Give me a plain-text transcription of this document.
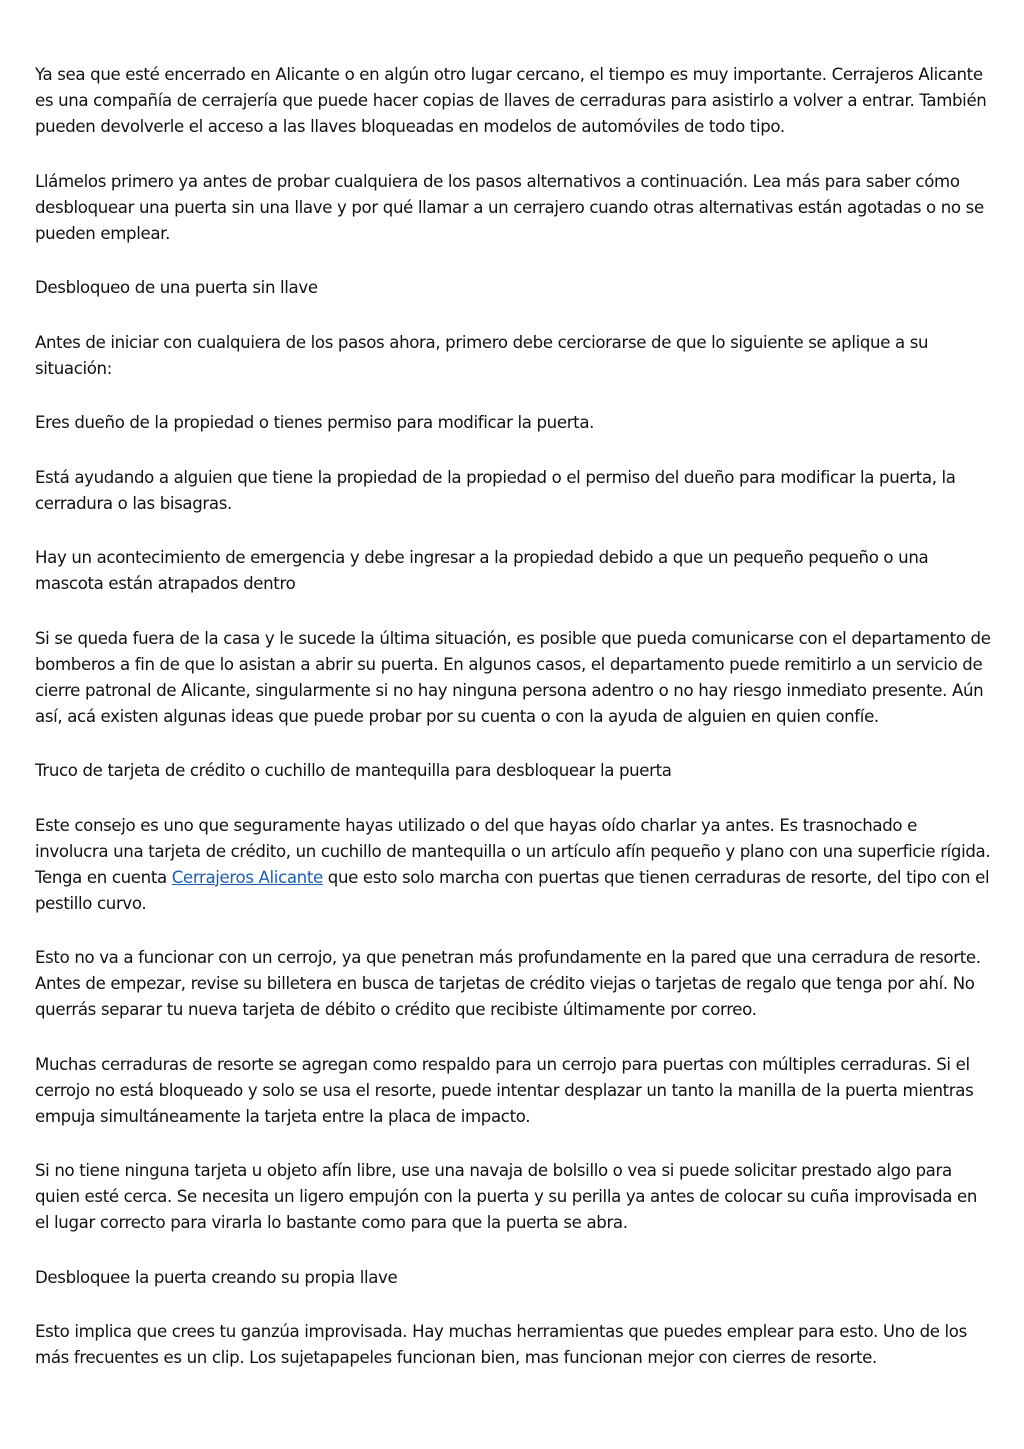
Ya sea que esté encerrado en Alicante o en algún otro lugar cercano, el tiempo es muy importante. Cerrajeros Alicante es una compañía de cerrajería que puede hacer copias de llaves de cerraduras para asistirlo a volver a entrar. También pueden devolverle el acceso a las llaves bloqueadas en modelos de automóviles de todo tipo.

Llámelos primero ya antes de probar cualquiera de los pasos alternativos a continuación. Lea más para saber cómo desbloquear una puerta sin una llave y por qué llamar a un cerrajero cuando otras alternativas están agotadas o no se pueden emplear.

Desbloqueo de una puerta sin llave

Antes de iniciar con cualquiera de los pasos ahora, primero debe cerciorarse de que lo siguiente se aplique a su situación:

Eres dueño de la propiedad o tienes permiso para modificar la puerta.

Está ayudando a alguien que tiene la propiedad de la propiedad o el permiso del dueño para modificar la puerta, la cerradura o las bisagras.

Hay un acontecimiento de emergencia y debe ingresar a la propiedad debido a que un pequeño pequeño o una mascota están atrapados dentro

Si se queda fuera de la casa y le sucede la última situación, es posible que pueda comunicarse con el departamento de bomberos a fin de que lo asistan a abrir su puerta. En algunos casos, el departamento puede remitirlo a un servicio de cierre patronal de Alicante, singularmente si no hay ninguna persona adentro o no hay riesgo inmediato presente. Aún así, acá existen algunas ideas que puede probar por su cuenta o con la ayuda de alguien en quien confíe.

Truco de tarjeta de crédito o cuchillo de mantequilla para desbloquear la puerta

Este consejo es uno que seguramente hayas utilizado o del que hayas oído charlar ya antes. Es trasnochado e involucra una tarjeta de crédito, un cuchillo de mantequilla o un artículo afín pequeño y plano con una superficie rígida. Tenga en cuenta Cerrajeros Alicante que esto solo marcha con puertas que tienen cerraduras de resorte, del tipo con el pestillo curvo.

Esto no va a funcionar con un cerrojo, ya que penetran más profundamente en la pared que una cerradura de resorte. Antes de empezar, revise su billetera en busca de tarjetas de crédito viejas o tarjetas de regalo que tenga por ahí. No querrás separar tu nueva tarjeta de débito o crédito que recibiste últimamente por correo.

Muchas cerraduras de resorte se agregan como respaldo para un cerrojo para puertas con múltiples cerraduras. Si el cerrojo no está bloqueado y solo se usa el resorte, puede intentar desplazar un tanto la manilla de la puerta mientras empuja simultáneamente la tarjeta entre la placa de impacto.

Si no tiene ninguna tarjeta u objeto afín libre, use una navaja de bolsillo o vea si puede solicitar prestado algo para quien esté cerca. Se necesita un ligero empujón con la puerta y su perilla ya antes de colocar su cuña improvisada en el lugar correcto para virarla lo bastante como para que la puerta se abra.

Desbloquee la puerta creando su propia llave

Esto implica que crees tu ganzúa improvisada. Hay muchas herramientas que puedes emplear para esto. Uno de los más frecuentes es un clip. Los sujetapapeles funcionan bien, mas funcionan mejor con cierres de resorte.
